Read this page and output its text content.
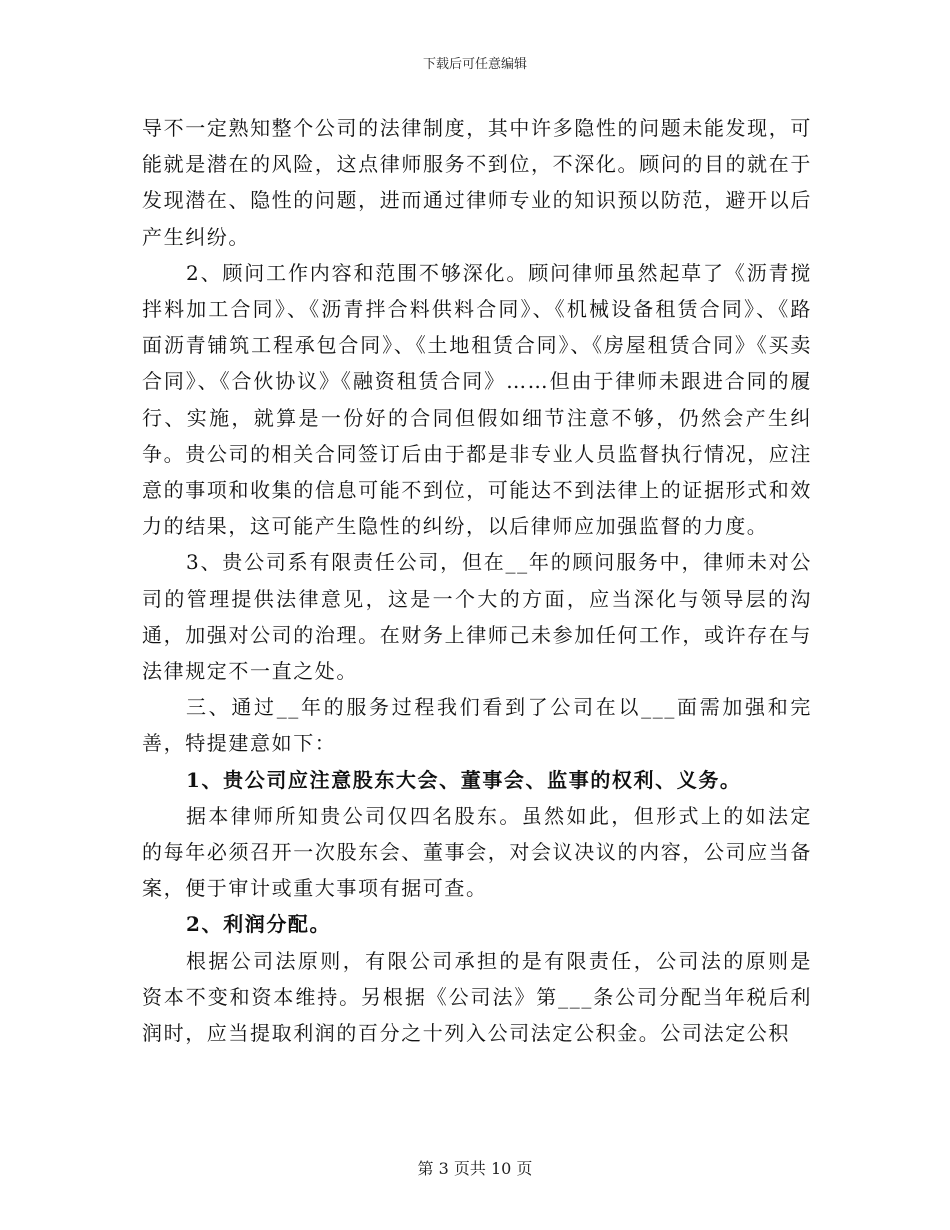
下载后可任意编辑

导不一定熟知整个公司的法律制度，其中许多隐性的问题未能发现，可能就是潜在的风险，这点律师服务不到位，不深化。顾问的目的就在于发现潜在、隐性的问题，进而通过律师专业的知识预以防范，避开以后产生纠纷。

2、顾问工作内容和范围不够深化。顾问律师虽然起草了《沥青搅拌料加工合同》、《沥青拌合料供料合同》、《机械设备租赁合同》、《路面沥青铺筑工程承包合同》、《土地租赁合同》、《房屋租赁合同》《买卖合同》、《合伙协议》《融资租赁合同》……但由于律师未跟进合同的履行、实施，就算是一份好的合同但假如细节注意不够，仍然会产生纠争。贵公司的相关合同签订后由于都是非专业人员监督执行情况，应注意的事项和收集的信息可能不到位，可能达不到法律上的证据形式和效力的结果，这可能产生隐性的纠纷，以后律师应加强监督的力度。

3、贵公司系有限责任公司，但在__年的顾问服务中，律师未对公司的管理提供法律意见，这是一个大的方面，应当深化与领导层的沟通，加强对公司的治理。在财务上律师己未参加任何工作，或许存在与法律规定不一直之处。

三、通过__年的服务过程我们看到了公司在以___面需加强和完善，特提建意如下：

1、贵公司应注意股东大会、董事会、监事的权利、义务。

据本律师所知贵公司仅四名股东。虽然如此，但形式上的如法定的每年必须召开一次股东会、董事会，对会议决议的内容，公司应当备案，便于审计或重大事项有据可查。

2、利润分配。

根据公司法原则，有限公司承担的是有限责任，公司法的原则是资本不变和资本维持。另根据《公司法》第___条公司分配当年税后利润时，应当提取利润的百分之十列入公司法定公积金。公司法定公积

第 3 页共 10 页
